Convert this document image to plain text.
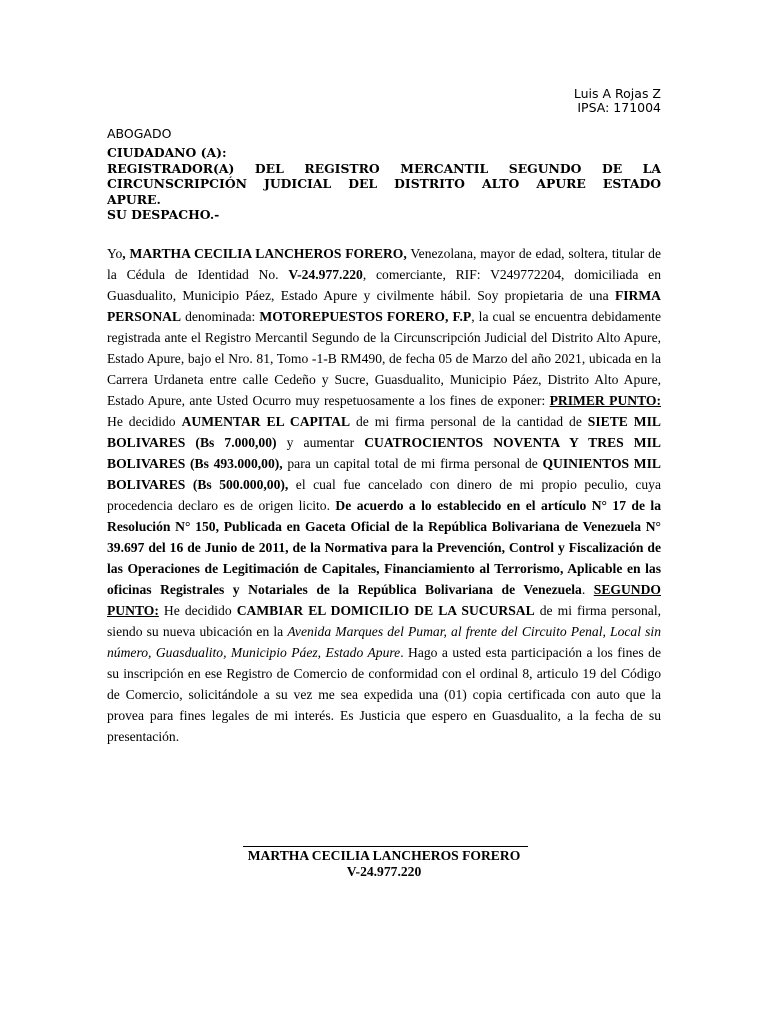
Luis A Rojas Z
IPSA: 171004
ABOGADO
CIUDADANO (A):
REGISTRADOR(A) DEL REGISTRO MERCANTIL SEGUNDO DE LA
CIRCUNSCRIPCIÓN JUDICIAL DEL DISTRITO ALTO APURE ESTADO
APURE.
SU DESPACHO.-
Yo, MARTHA CECILIA LANCHEROS FORERO, Venezolana, mayor de edad, soltera, titular de la Cédula de Identidad No. V-24.977.220, comerciante, RIF: V249772204, domiciliada en Guasdualito, Municipio Páez, Estado Apure y civilmente hábil. Soy propietaria de una FIRMA PERSONAL denominada: MOTOREPUESTOS FORERO, F.P, la cual se encuentra debidamente registrada ante el Registro Mercantil Segundo de la Circunscripción Judicial del Distrito Alto Apure, Estado Apure, bajo el Nro. 81, Tomo -1-B RM490, de fecha 05 de Marzo del año 2021, ubicada en la Carrera Urdaneta entre calle Cedeño y Sucre, Guasdualito, Municipio Páez, Distrito Alto Apure, Estado Apure, ante Usted Ocurro muy respetuosamente a los fines de exponer: PRIMER PUNTO: He decidido AUMENTAR EL CAPITAL de mi firma personal de la cantidad de SIETE MIL BOLIVARES (Bs 7.000,00) y aumentar CUATROCIENTOS NOVENTA Y TRES MIL BOLIVARES (Bs 493.000,00), para un capital total de mi firma personal de QUINIENTOS MIL BOLIVARES (Bs 500.000,00), el cual fue cancelado con dinero de mi propio peculio, cuya procedencia declaro es de origen licito. De acuerdo a lo establecido en el artículo N° 17 de la Resolución N° 150, Publicada en Gaceta Oficial de la República Bolivariana de Venezuela N° 39.697 del 16 de Junio de 2011, de la Normativa para la Prevención, Control y Fiscalización de las Operaciones de Legitimación de Capitales, Financiamiento al Terrorismo, Aplicable en las oficinas Registrales y Notariales de la República Bolivariana de Venezuela. SEGUNDO PUNTO: He decidido CAMBIAR EL DOMICILIO DE LA SUCURSAL de mi firma personal, siendo su nueva ubicación en la Avenida Marques del Pumar, al frente del Circuito Penal, Local sin número, Guasdualito, Municipio Páez, Estado Apure. Hago a usted esta participación a los fines de su inscripción en ese Registro de Comercio de conformidad con el ordinal 8, articulo 19 del Código de Comercio, solicitándole a su vez me sea expedida una (01) copia certificada con auto que la provea para fines legales de mi interés. Es Justicia que espero en Guasdualito, a la fecha de su presentación.
MARTHA CECILIA LANCHEROS FORERO
V-24.977.220
